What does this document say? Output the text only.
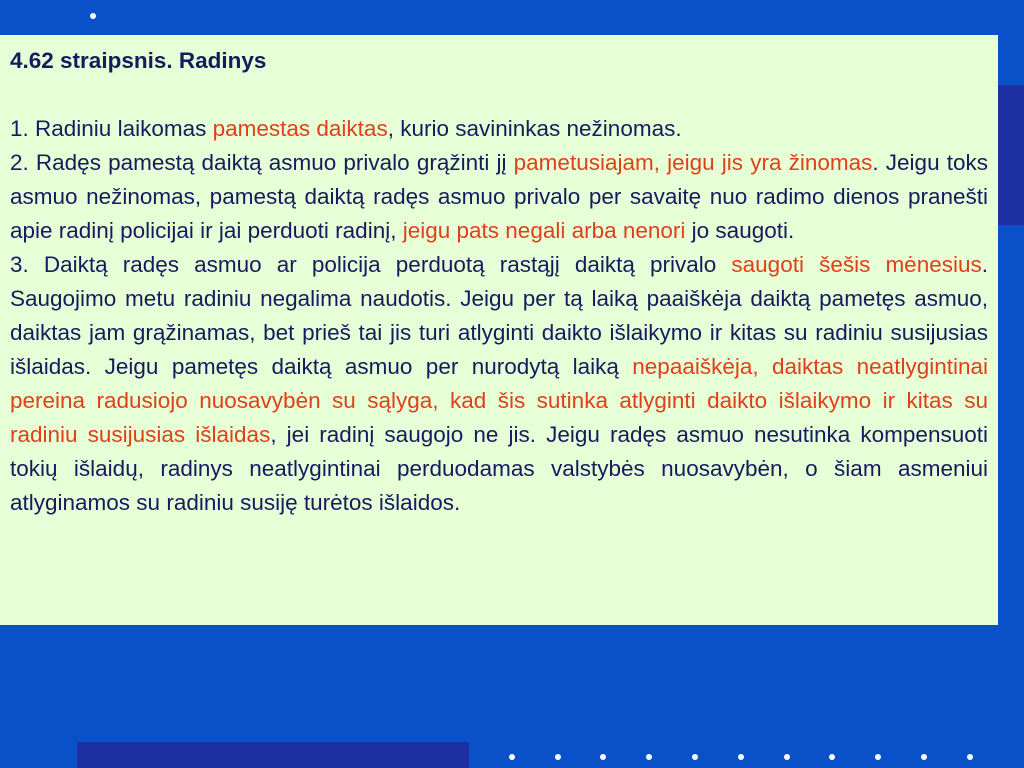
4.62 straipsnis. Radinys

1. Radiniu laikomas pamestas daiktas, kurio savininkas nežinomas.

2. Radęs pamestą daiktą asmuo privalo grąžinti jį pametusiajam, jeigu jis yra žinomas. Jeigu toks asmuo nežinomas, pamestą daiktą radęs asmuo privalo per savaitę nuo radimo dienos pranešti apie radinį policijai ir jai perduoti radinį, jeigu pats negali arba nenori jo saugoti.

3. Daiktą radęs asmuo ar policija perduotą rastąjį daiktą privalo saugoti šešis mėnesius. Saugojimo metu radiniu negalima naudotis. Jeigu per tą laiką paaiškėja daiktą pametęs asmuo, daiktas jam grąžinamas, bet prieš tai jis turi atlyginti daikto išlaikymo ir kitas su radiniu susijusias išlaidas. Jeigu pametęs daiktą asmuo per nurodytą laiką nepaaiškėja, daiktas neatlygintinai pereina radusiojo nuosavybėn su sąlyga, kad šis sutinka atlyginti daikto išlaikymo ir kitas su radiniu susijusias išlaidas, jei radinį saugojo ne jis. Jeigu radęs asmuo nesutinka kompensuoti tokių išlaidų, radinys neatlygintinai perduodamas valstybės nuosavybėn, o šiam asmeniui atlyginamos su radiniu susiję turėtos išlaidos.
